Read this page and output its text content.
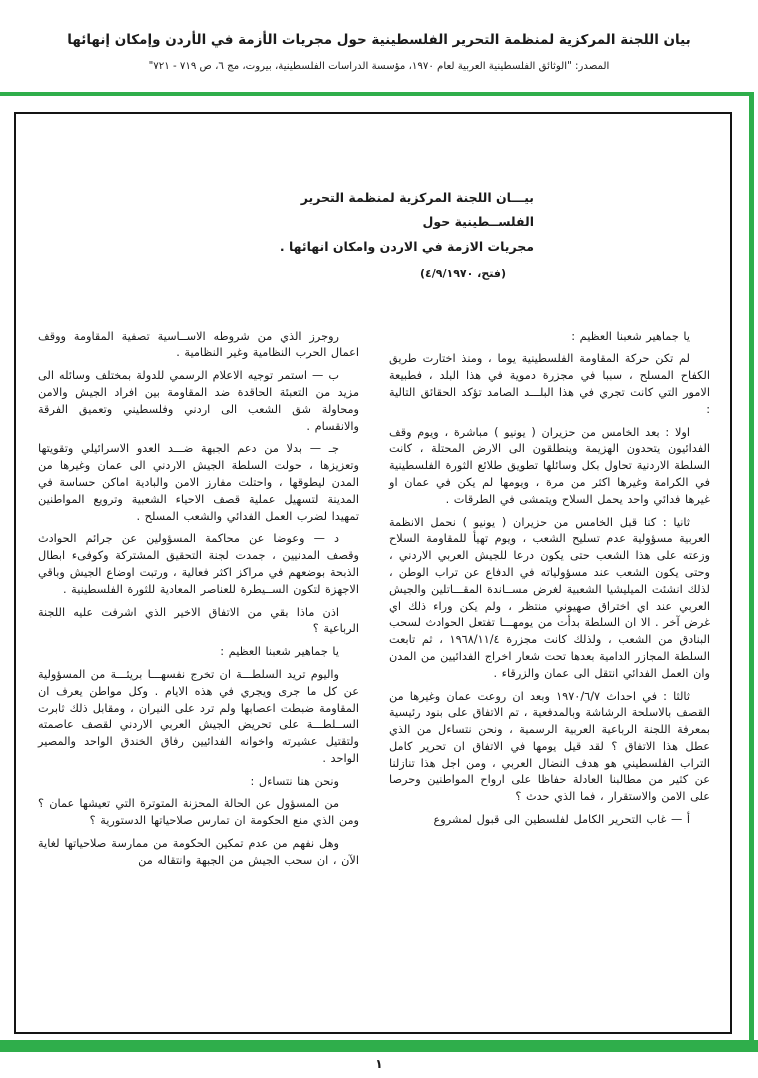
بيان اللجنة المركزية لمنظمة التحرير الفلسطينية حول مجريات الأزمة في الأردن وإمكان إنهائها
المصدر: "الوثائق الفلسطينية العربية لعام ١٩٧٠، مؤسسة الدراسات الفلسطينية، بيروت، مج ٦، ص ٧١٩ - ٧٢١"
بيـــان اللجنة المركزية لمنظمة التحرير الفلســطينية حول
مجريات الازمة في الاردن وامكان انهائها .
(فتح، ٤/٩/١٩٧٠)

يا جماهير شعبنا العظيم :

لم تكن حركة المقاومة الفلسطينية يوما ، ومنذ اختارت طريق الكفاح المسلح ، سببا في مجزرة دموية في هذا البلد ، فطبيعة الامور التي كانت تجري في هذا البلـــد الصامد تؤكد الحقائق التالية :

اولا : بعد الخامس من حزيران ( يونيو ) مباشرة ، ويوم وقف الفدائيون يتحدون الهزيمة وينطلقون الى الارض المحتلة ، كانت السلطة الاردنية تحاول بكل وسائلها تطويق طلائع الثورة الفلسطينية في الكرامة وغيرها اكثر من مرة ، ويومها لم يكن في عمان او غيرها فدائي واحد يحمل السلاح ويتمشى في الطرقات .

ثانيا : كنا قبل الخامس من حزيران ( يونيو ) نحمل الانظمة العربية مسؤولية عدم تسليح الشعب ، ويوم تهيأ للمقاومة السلاح وزعته على هذا الشعب حتى يكون درعا للجيش العربي الاردني ، وحتى يكون الشعب عند مسؤولياته في الدفاع عن تراب الوطن ، لذلك انشئت الميليشيا الشعبية لغرض مســاندة المقـــاتلين والجيش العربي عند اي اختراق صهيوني منتظر ، ولم يكن وراء ذلك اي غرض آخر . الا ان السلطة بدأت من يومهـــا تفتعل الحوادث لسحب البنادق من الشعب ، ولذلك كانت مجزرة ١٩٦٨/١١/٤ ، ثم تابعت السلطة المجازر الدامية بعدها تحت شعار اخراج الفدائيين من المدن وان العمل الفدائي انتقل الى عمان والزرقاء .

ثالثا : في احداث ١٩٧٠/٦/٧ وبعد ان روعت عمان وغيرها من القصف بالاسلحة الرشاشة وبالمدفعية ، تم الاتفاق على بنود رئيسية بمعرفة اللجنة الرباعية العربية الرسمية ، ونحن نتساءل من الذي عطل هذا الاتفاق ؟ لقد قيل يومها في الاتفاق ان تحرير كامل التراب الفلسطيني هو هدف النضال العربي ، ومن اجل هذا تنازلنا عن كثير من مطالبنا العادلة حفاظا على ارواح المواطنين وحرصا على الامن والاستقرار ، فما الذي حدث ؟

أ — غاب التحرير الكامل لفلسطين الى قبول لمشروع

روجرز الذي من شروطه الاســاسية تصفية المقاومة ووقف اعمال الحرب النظامية وغير النظامية .

ب — استمر توجيه الاعلام الرسمي للدولة بمختلف وسائله الى مزيد من التعبئة الحاقدة ضد المقاومة بين افراد الجيش والامن ومحاولة شق الشعب الى اردني وفلسطيني وتعميق الفرقة والانقسام .

جـ — بدلا من دعم الجبهة ضـــد العدو الاسرائيلي وتقويتها وتعزيزها ، حولت السلطة الجيش الاردني الى عمان وغيرها من المدن ليطوقها ، واحتلت مفارز الامن والبادية اماكن حساسة في المدينة لتسهيل عملية قصف الاحياء الشعبية وترويع المواطنين تمهيدا لضرب العمل الفدائي والشعب المسلح .

د — وعوضا عن محاكمة المسؤولين عن جرائم الحوادث وقصف المدنيين ، جمدت لجنة التحقيق المشتركة وكوفىء ابطال الذبحة بوضعهم في مراكز اكثر فعالية ، ورتبت اوضاع الجيش وباقي الاجهزة لتكون الســيطرة للعناصر المعادية للثورة الفلسطينية .

اذن ماذا بقي من الاتفاق الاخير الذي اشرفت عليه اللجنة الرباعية ؟

يا جماهير شعبنا العظيم :

واليوم تريد السلطـــة ان تخرج نفسهـــا بريئـــة من المسؤولية عن كل ما جرى ويجري في هذه الايام . وكل مواطن يعرف ان المقاومة ضبطت اعصابها ولم ترد على النيران ، ومقابل ذلك ثابرت الســلطـــة على تحريض الجيش العربي الاردني لقصف عاصمته ولتقتيل عشيرته واخوانه الفدائيين رفاق الخندق الواحد والمصير الواحد .

ونحن هنا نتساءل :

من المسؤول عن الحالة المحزنة المتوترة التي تعيشها عمان ؟ ومن الذي منع الحكومة ان تمارس صلاحياتها الدستورية ؟

وهل نفهم من عدم تمكين الحكومة من ممارسة صلاحياتها لغاية الآن ، ان سحب الجيش من الجبهة وانتقاله من

١
